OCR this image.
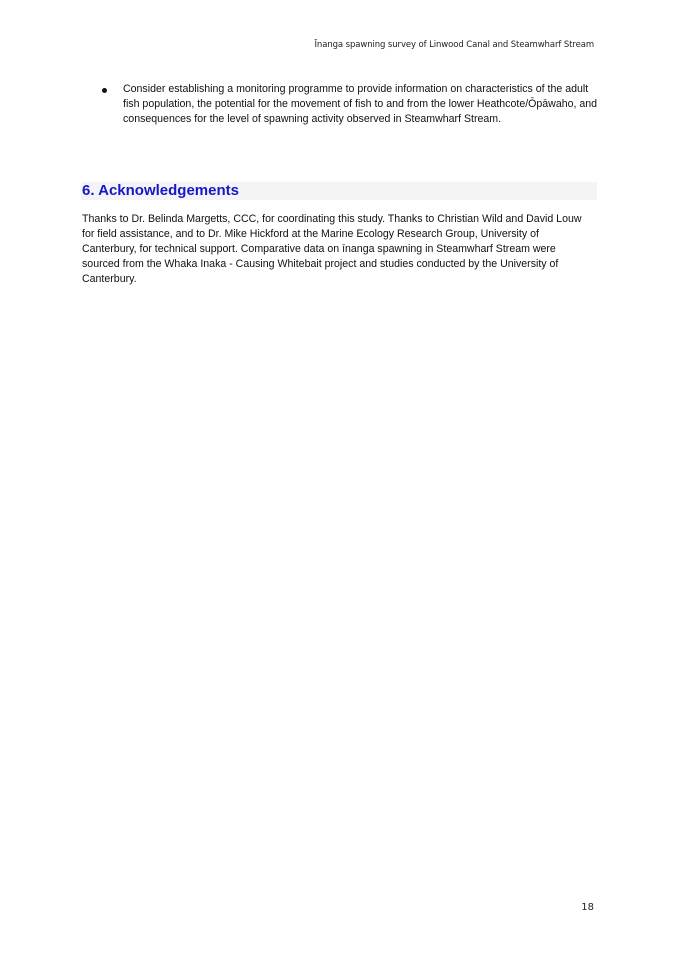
Īnanga spawning survey of Linwood Canal and Steamwharf Stream
Consider establishing a monitoring programme to provide information on characteristics of the adult fish population, the potential for the movement of fish to and from the lower Heathcote/Ōpāwaho, and consequences for the level of spawning activity observed in Steamwharf Stream.
6. Acknowledgements

Thanks to Dr. Belinda Margetts, CCC, for coordinating this study. Thanks to Christian Wild and David Louw for field assistance, and to Dr. Mike Hickford at the Marine Ecology Research Group, University of Canterbury, for technical support. Comparative data on īnanga spawning in Steamwharf Stream were sourced from the Whaka Inaka - Causing Whitebait project and studies conducted by the University of Canterbury.

18
